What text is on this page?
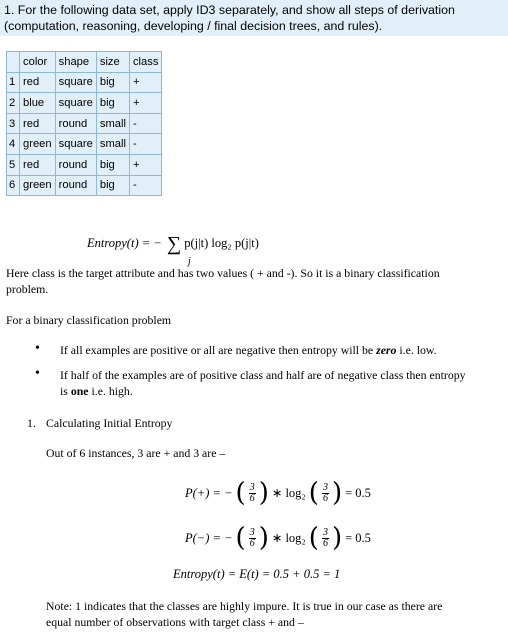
1. For the following data set, apply ID3 separately, and show all steps of derivation
(computation, reasoning, developing / final decision trees, and rules).
	color	shape	size	class
1	red	square	big	+
2	blue	square	big	+
3	red	round	small	-
4	green	square	small	-
5	red	round	big	+
6	green	round	big	-
Entropy(t) = − ∑ p(j|t) log₂ p(j|t)
j
Here class is the target attribute and has two values ( + and -). So it is a binary classification
problem.
For a binary classification problem
• If all examples are positive or all are negative then entropy will be zero i.e. low.
• If half of the examples are of positive class and half are of negative class then entropy
is one i.e. high.
1. Calculating Initial Entropy
Out of 6 instances, 3 are + and 3 are –
P(+) = − ( $\frac{3}{6}$ ) ∗ log₂ ( $\frac{3}{6}$ ) = 0.5
P(−) = − ( $\frac{3}{6}$ ) ∗ log₂ ( $\frac{3}{6}$ ) = 0.5
Entropy(t) = E(t) = 0.5 + 0.5 = 1
Note: 1 indicates that the classes are highly impure. It is true in our case as there are
equal number of observations with target class + and –
